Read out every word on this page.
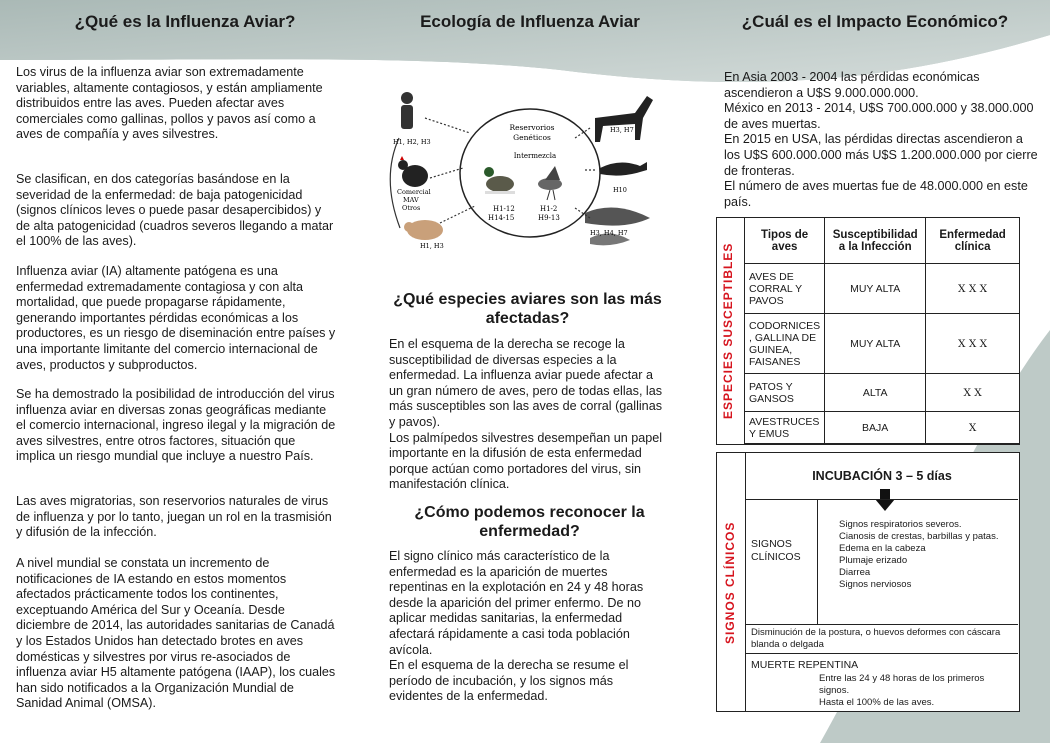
¿Qué es la Influenza Aviar?
Los virus de la influenza aviar son extremadamente variables, altamente contagiosos, y están ampliamente distribuidos entre las aves. Pueden afectar aves comerciales como gallinas, pollos y pavos así como a aves de compañía y aves silvestres.
Se clasifican, en dos categorías basándose en la severidad de la enfermedad: de baja patogenicidad (signos clínicos leves o puede pasar desapercibidos) y de alta patogenicidad (cuadros severos llegando a matar el 100% de las aves).
Influenza aviar (IA) altamente patógena es una enfermedad extremadamente contagiosa y con alta mortalidad, que puede propagarse rápidamente, generando importantes pérdidas económicas a los productores, es un riesgo de diseminación entre países y una importante limitante del comercio internacional de aves, productos y subproductos.
Se ha demostrado la posibilidad de introducción del virus influenza aviar en diversas zonas geográficas mediante el comercio internacional, ingreso ilegal y la migración de aves silvestres, entre otros factores, situación que implica un riesgo mundial que incluye a nuestro País.
Las aves migratorias, son reservorios naturales de virus de influenza y por lo tanto, juegan un rol en la trasmisión y difusión de la infección.
A nivel mundial se constata un incremento de notificaciones de IA estando en estos momentos afectados prácticamente todos los continentes, exceptuando América del Sur y Oceanía. Desde diciembre de 2014, las autoridades sanitarias de Canadá y los Estados Unidos han detectado brotes en aves domésticas y silvestres por virus re-asociados de influenza aviar H5 altamente patógena (IAAP), los cuales han sido notificados a la Organización Mundial de Sanidad Animal (OMSA).
Ecología de Influenza Aviar
Reservorios
Genéticos
Intermezcla
H1-12
H14-15
H1-2
H9-13
H1, H2, H3
Comercial
MAV
Otros
H1, H3
H3, H7
H10
H3, H4, H7
¿Qué especies aviares son las más afectadas?
En el esquema de la derecha se recoge la susceptibilidad de diversas especies a la enfermedad. La influenza aviar puede afectar a un gran número de aves, pero de todas ellas, las más susceptibles son las aves de corral (gallinas y pavos).
Los palmípedos silvestres desempeñan un papel importante en la difusión de esta enfermedad porque actúan como portadores del virus, sin manifestación clínica.
¿Cómo podemos reconocer la enfermedad?
El signo clínico más característico de la enfermedad es la aparición de muertes repentinas en la explotación en 24 y 48 horas desde la aparición del primer enfermo. De no aplicar medidas sanitarias, la enfermedad afectará rápidamente a casi toda población avícola.
En el esquema de la derecha se resume el período de incubación, y los signos más evidentes de la enfermedad.
¿Cuál es el Impacto Económico?
En Asia 2003 - 2004 las pérdidas económicas ascendieron a U$S 9.000.000.000.
México en 2013 - 2014, U$S 700.000.000 y 38.000.000 de aves muertas.
En 2015 en USA, las pérdidas directas ascendieron a los U$S 600.000.000 más U$S 1.200.000.000 por cierre de fronteras.
El número de aves muertas fue de 48.000.000 en este país.
ESPECIES SUSCEPTIBLES
Tipos de aves	Susceptibilidad a la Infección	Enfermedad clínica
AVES DE CORRAL Y PAVOS	MUY ALTA	X X X
CODORNICES , GALLINA DE GUINEA, FAISANES	MUY ALTA	X X X
PATOS Y GANSOS	ALTA	X X
AVESTRUCES Y EMUS	BAJA	X
SIGNOS CLÍNICOS
INCUBACIÓN 3 – 5 días
SIGNOS CLÍNICOS
Signos respiratorios severos.
Cianosis de crestas, barbillas y patas.
Edema en la cabeza
Plumaje erizado
Diarrea
Signos nerviosos
Disminución de la postura, o huevos deformes con cáscara blanda o delgada
MUERTE REPENTINA
Entre las 24 y 48 horas de los primeros signos.
Hasta el 100% de las aves.
